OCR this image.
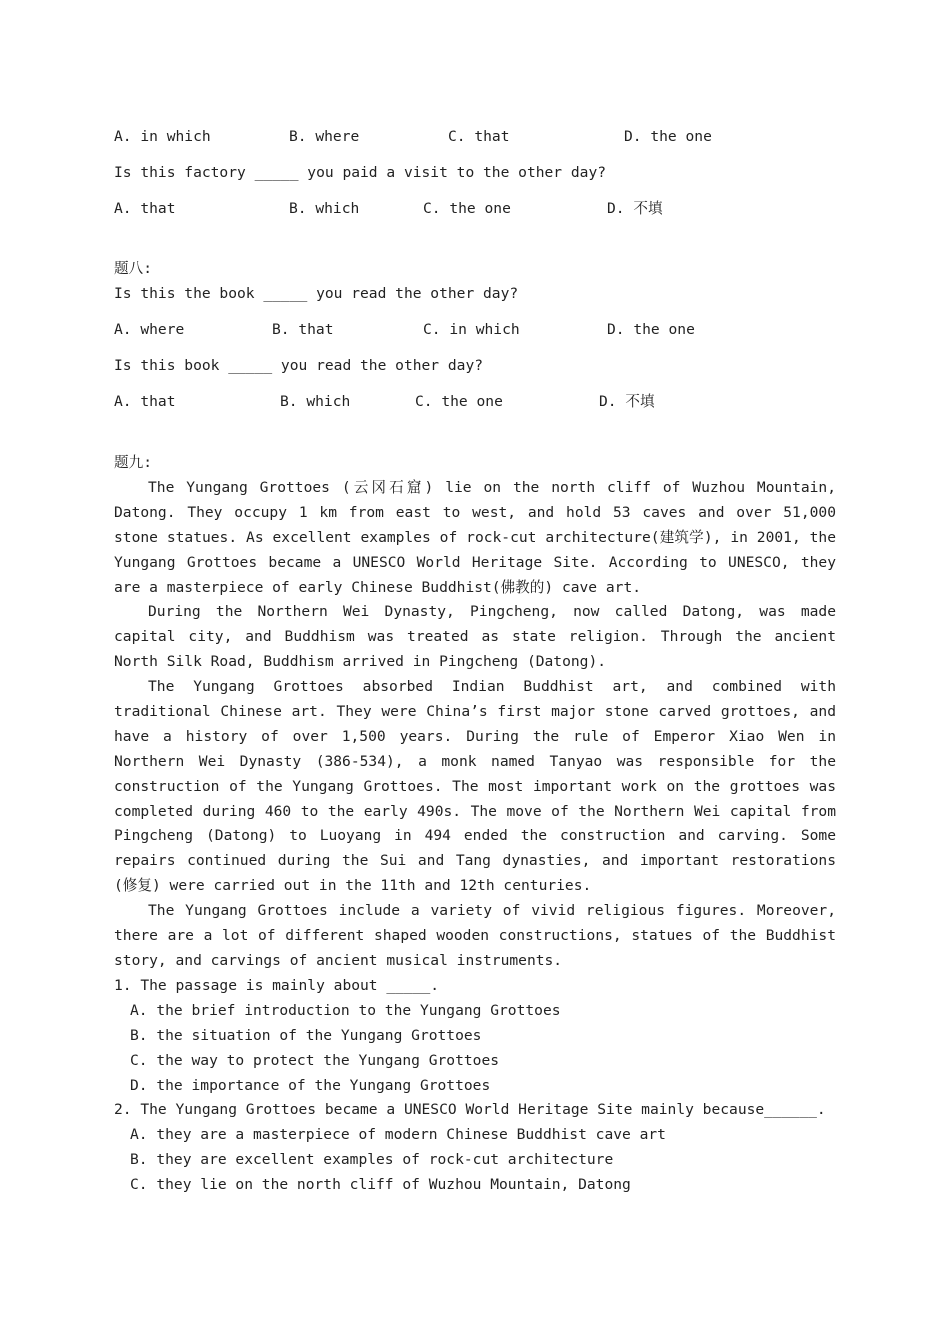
A. in which	B. where	C. that	D. the one
Is this factory _____ you paid a visit to the other day?
A. that	B. which	C. the one	D. 不填
题八:
Is this the book _____ you read the other day?
A. where	B. that	C. in which	D. the one
Is this book _____ you read the other day?
A. that	B. which	C. the one	D. 不填
题九:
The Yungang Grottoes (云冈石窟) lie on the north cliff of Wuzhou Mountain, Datong. They occupy 1 km from east to west, and hold 53 caves and over 51,000 stone statues. As excellent examples of rock-cut architecture(建筑学), in 2001, the Yungang Grottoes became a UNESCO World Heritage Site. According to UNESCO, they are a masterpiece of early Chinese Buddhist(佛教的) cave art.
During the Northern Wei Dynasty, Pingcheng, now called Datong, was made capital city, and Buddhism was treated as state religion. Through the ancient North Silk Road, Buddhism arrived in Pingcheng (Datong).
The Yungang Grottoes absorbed Indian Buddhist art, and combined with traditional Chinese art. They were China’s first major stone carved grottoes, and have a history of over 1,500 years. During the rule of Emperor Xiao Wen in Northern Wei Dynasty (386-534), a monk named Tanyao was responsible for the construction of the Yungang Grottoes. The most important work on the grottoes was completed during 460 to the early 490s. The move of the Northern Wei capital from Pingcheng (Datong) to Luoyang in 494 ended the construction and carving. Some repairs continued during the Sui and Tang dynasties, and important restorations (修复) were carried out in the 11th and 12th centuries.
The Yungang Grottoes include a variety of vivid religious figures. Moreover, there are a lot of different shaped wooden constructions, statues of the Buddhist story, and carvings of ancient musical instruments.
1. The passage is mainly about _____.
A. the brief introduction to the Yungang Grottoes
B. the situation of the Yungang Grottoes
C. the way to protect the Yungang Grottoes
D. the importance of the Yungang Grottoes
2. The Yungang Grottoes became a UNESCO World Heritage Site mainly because______.
A. they are a masterpiece of modern Chinese Buddhist cave art
B. they are excellent examples of rock-cut architecture
C. they lie on the north cliff of Wuzhou Mountain, Datong
